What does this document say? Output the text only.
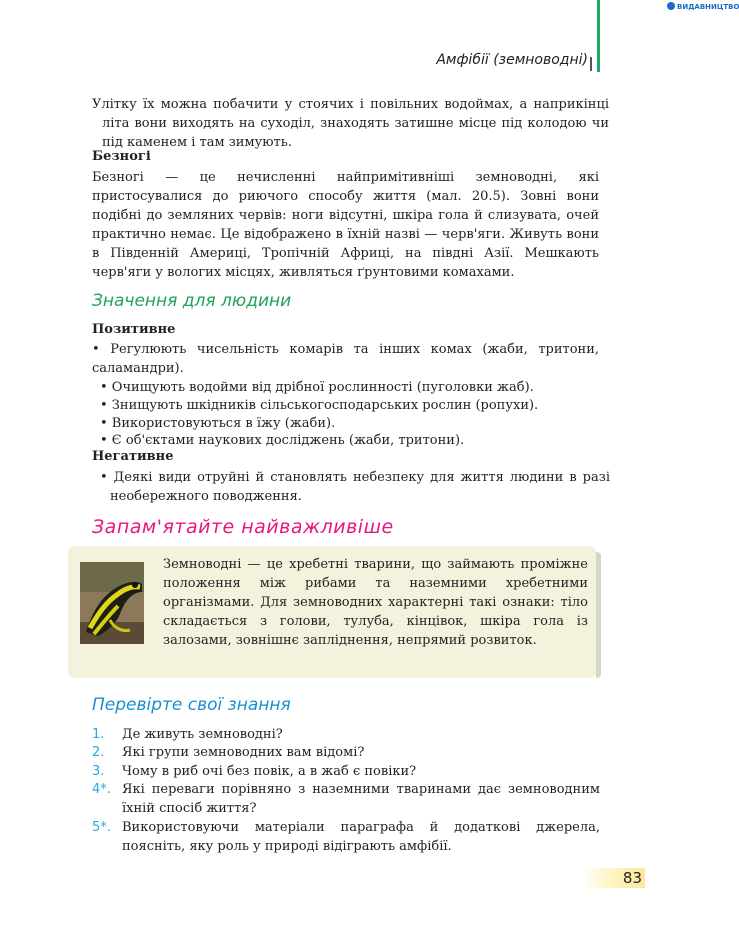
ВИДАВНИЦТВО
Амфібії (земноводні)
Улітку їх можна побачити у стоячих і повільних водоймах, а наприкінці літа вони виходять на суходіл, знаходять затишне місце під колодою чи під каменем і там зимують.
Безногі
Безногі — це нечисленні найпримітивніші земноводні, які пристосувалися до риючого способу життя (мал. 20.5). Зовні вони подібні до земляних червів: ноги відсутні, шкіра гола й слизувата, очей практично немає. Це відображено в їхній назві — черв'яги. Живуть вони в Південній Америці, Тропічній Африці, на півдні Азії. Мешкають черв'яги у вологих місцях, живляться ґрунтовими комахами.
Значення для людини
Позитивне
• Регулюють чисельність комарів та інших комах (жаби, тритони, саламандри).
• Очищують водойми від дрібної рослинності (пуголовки жаб).
• Знищують шкідників сільськогосподарських рослин (ропухи).
• Використовуються в їжу (жаби).
• Є об'єктами наукових досліджень (жаби, тритони).
Негативне
• Деякі види отруйні й становлять небезпеку для життя людини в разі необережного поводження.
Запам'ятайте найважливіше
Земноводні — це хребетні тварини, що займають проміжне положення між рибами та наземними хребетними організмами. Для земноводних характерні такі ознаки: тіло складається з голови, тулуба, кінцівок, шкіра гола із залозами, зовнішнє запліднення, непрямий розвиток.
Перевірте свої знання
1. Де живуть земноводні?
2. Які групи земноводних вам відомі?
3. Чому в риб очі без повік, а в жаб є повіки?
4*. Які переваги порівняно з наземними тваринами дає земноводним їхній спосіб життя?
5*. Використовуючи матеріали параграфа й додаткові джерела, поясніть, яку роль у природі відіграють амфібії.
83
